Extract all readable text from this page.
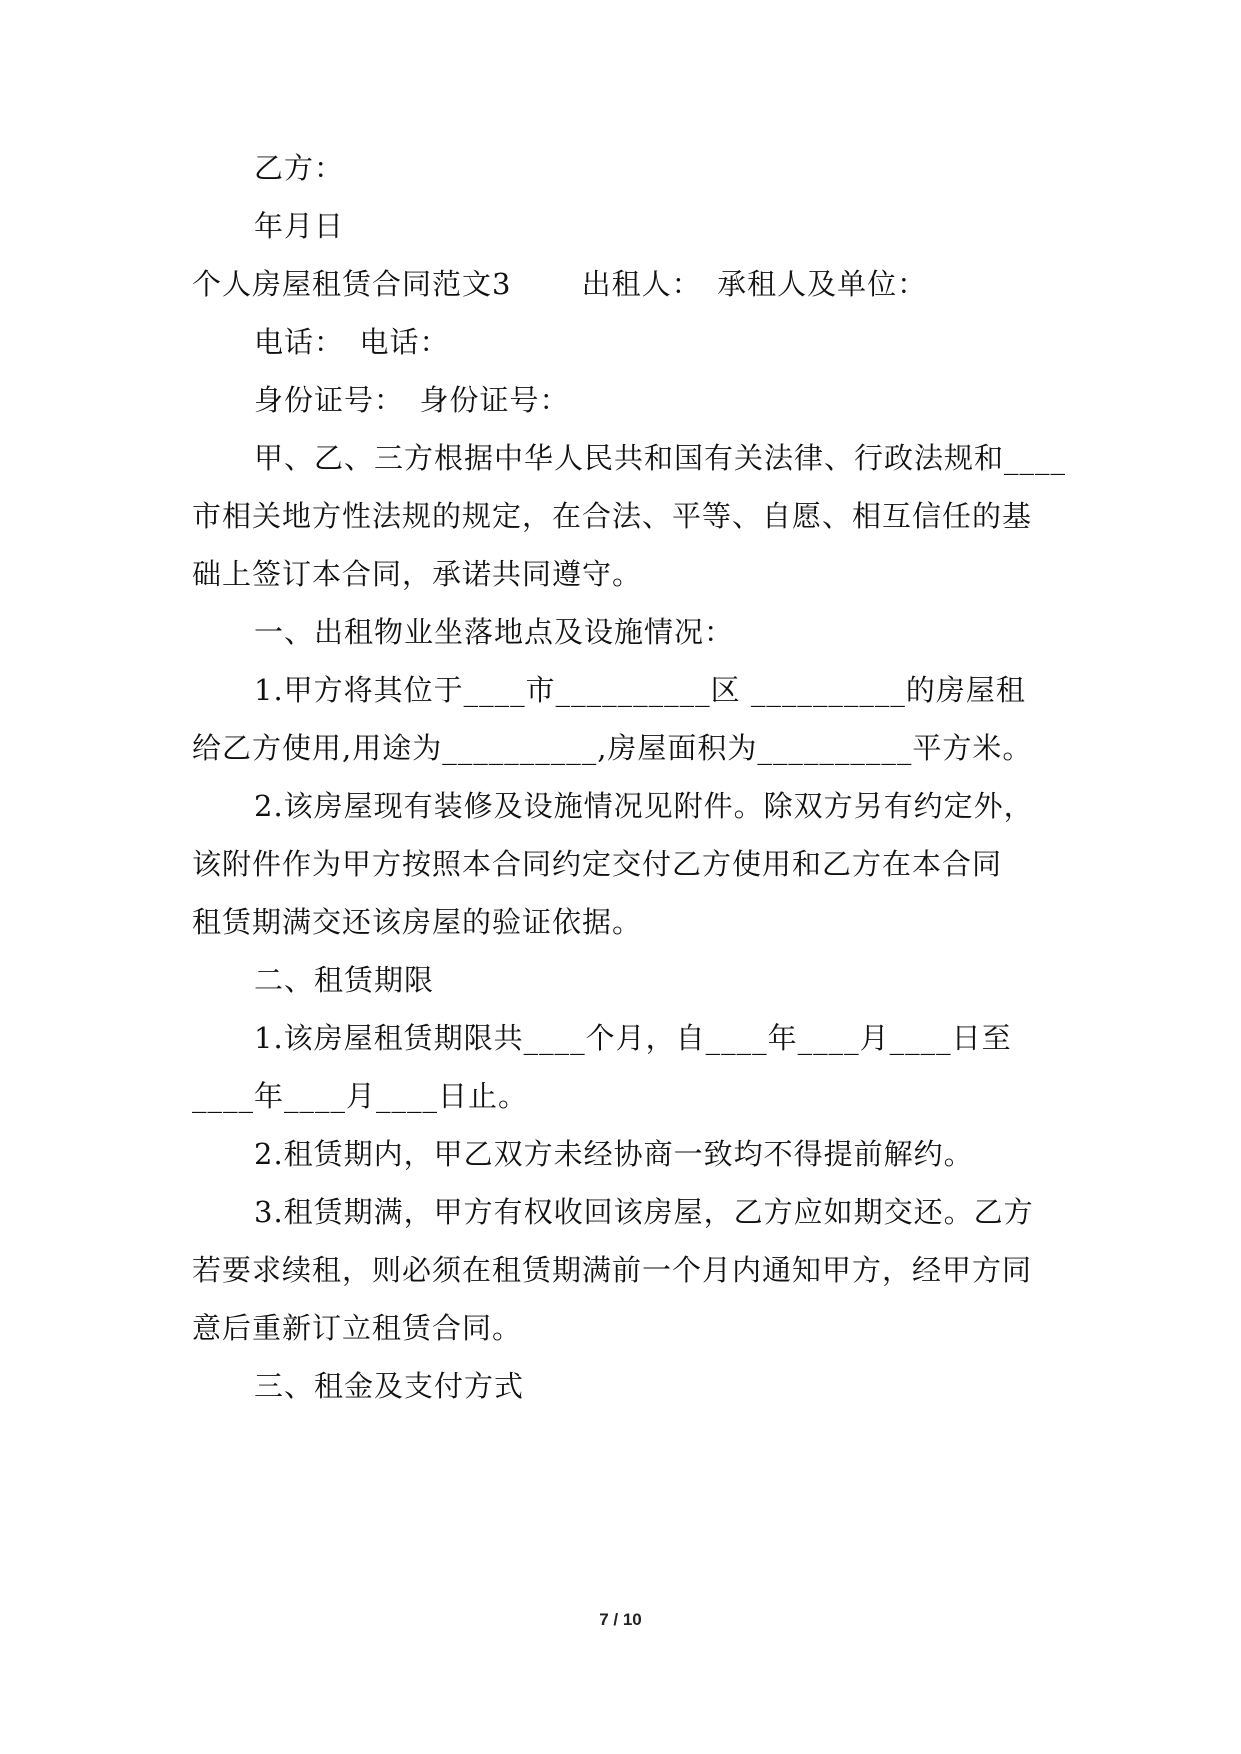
乙方：
年月日
个人房屋租赁合同范文3　　 出租人：　承租人及单位：
电话：　电话：
身份证号：　身份证号：
甲、乙、三方根据中华人民共和国有关法律、行政法规和____
市相关地方性法规的规定，在合法、平等、自愿、相互信任的基
础上签订本合同，承诺共同遵守。
一、出租物业坐落地点及设施情况：
1.甲方将其位于____市__________区 __________的房屋租
给乙方使用,用途为__________,房屋面积为__________平方米。
2.该房屋现有装修及设施情况见附件。除双方另有约定外，
该附件作为甲方按照本合同约定交付乙方使用和乙方在本合同
租赁期满交还该房屋的验证依据。
二、租赁期限
1.该房屋租赁期限共____个月，自____年____月____日至
____年____月____日止。
2.租赁期内，甲乙双方未经协商一致均不得提前解约。
3.租赁期满，甲方有权收回该房屋，乙方应如期交还。乙方
若要求续租，则必须在租赁期满前一个月内通知甲方，经甲方同
意后重新订立租赁合同。
三、租金及支付方式
7 / 10
